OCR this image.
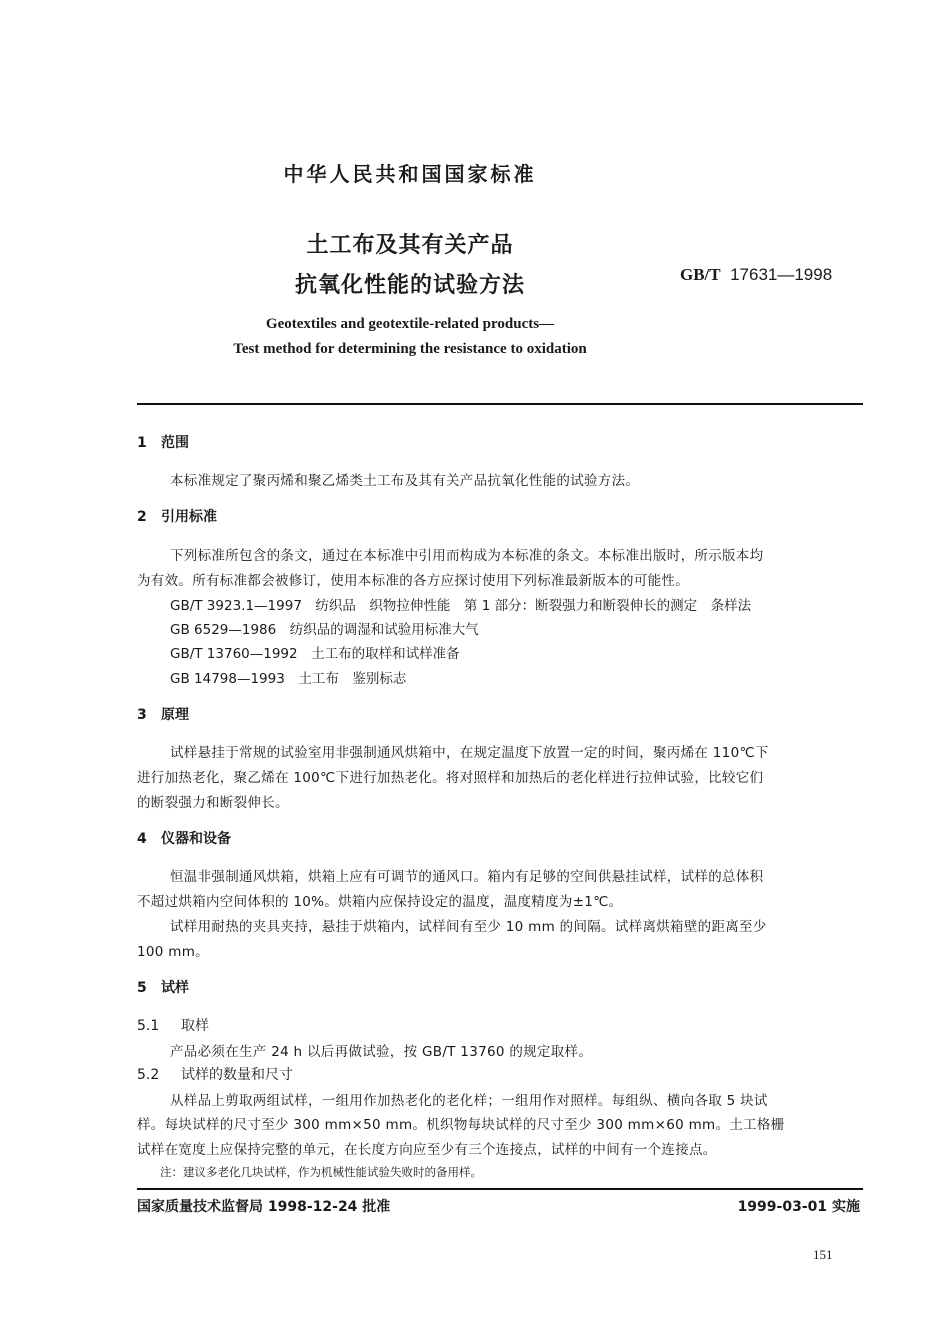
中华人民共和国国家标准
土工布及其有关产品
抗氧化性能的试验方法	GB/T 17631—1998
Geotextiles and geotextile-related products—
Test method for determining the resistance to oxidation
1 范围
本标准规定了聚丙烯和聚乙烯类土工布及其有关产品抗氧化性能的试验方法。
2 引用标准
下列标准所包含的条文，通过在本标准中引用而构成为本标准的条文。本标准出版时，所示版本均
为有效。所有标准都会被修订，使用本标准的各方应探讨使用下列标准最新版本的可能性。
GB/T 3923.1—1997　纺织品　织物拉伸性能　第 1 部分：断裂强力和断裂伸长的测定　条样法
GB 6529—1986　纺织品的调湿和试验用标准大气
GB/T 13760—1992　土工布的取样和试样准备
GB 14798—1993　土工布　鉴别标志
3 原理
试样悬挂于常规的试验室用非强制通风烘箱中，在规定温度下放置一定的时间，聚丙烯在 110℃下
进行加热老化，聚乙烯在 100℃下进行加热老化。将对照样和加热后的老化样进行拉伸试验，比较它们
的断裂强力和断裂伸长。
4 仪器和设备
恒温非强制通风烘箱，烘箱上应有可调节的通风口。箱内有足够的空间供悬挂试样，试样的总体积
不超过烘箱内空间体积的 10%。烘箱内应保持设定的温度，温度精度为±1℃。
试样用耐热的夹具夹持，悬挂于烘箱内，试样间有至少 10 mm 的间隔。试样离烘箱壁的距离至少
100 mm。
5 试样
5.1 取样
产品必须在生产 24 h 以后再做试验，按 GB/T 13760 的规定取样。
5.2 试样的数量和尺寸
从样品上剪取两组试样，一组用作加热老化的老化样；一组用作对照样。每组纵、横向各取 5 块试
样。每块试样的尺寸至少 300 mm×50 mm。机织物每块试样的尺寸至少 300 mm×60 mm。土工格栅
试样在宽度上应保持完整的单元，在长度方向应至少有三个连接点，试样的中间有一个连接点。
注：建议多老化几块试样，作为机械性能试验失败时的备用样。
国家质量技术监督局 1998-12-24 批准	1999-03-01 实施
151
